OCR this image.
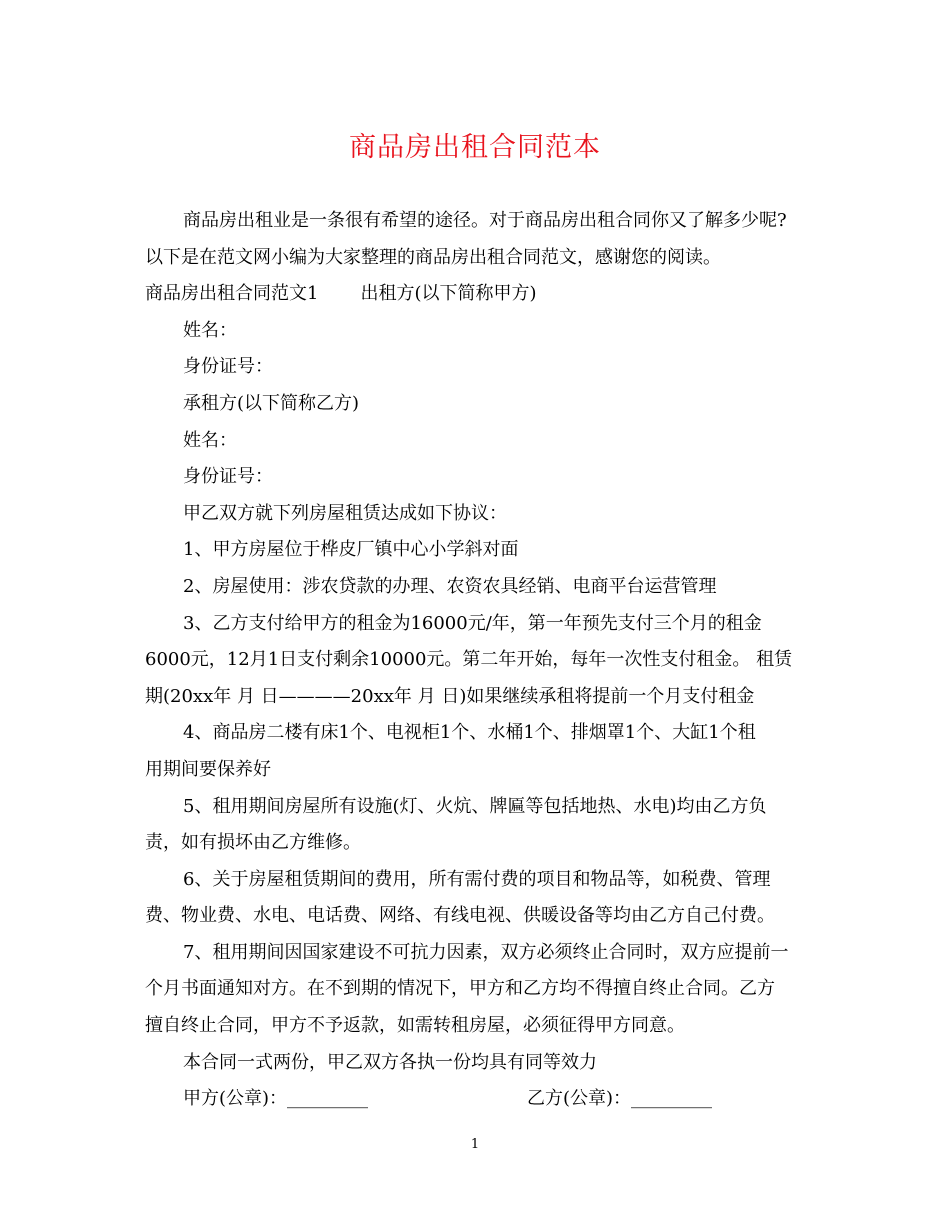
商品房出租合同范本

商品房出租业是一条很有希望的途径。对于商品房出租合同你又了解多少呢?

以下是在范文网小编为大家整理的商品房出租合同范文，感谢您的阅读。

商品房出租合同范文1 出租方(以下简称甲方)

姓名：

身份证号：

承租方(以下简称乙方)

姓名：

身份证号：

甲乙双方就下列房屋租赁达成如下协议：

1、甲方房屋位于桦皮厂镇中心小学斜对面

2、房屋使用：涉农贷款的办理、农资农具经销、电商平台运营管理

3、乙方支付给甲方的租金为16000元/年，第一年预先支付三个月的租金

6000元，12月1日支付剩余10000元。第二年开始，每年一次性支付租金。 租赁

期(20xx年 月 日————20xx年 月 日)如果继续承租将提前一个月支付租金

4、商品房二楼有床1个、电视柜1个、水桶1个、排烟罩1个、大缸1个租

用期间要保养好

5、租用期间房屋所有设施(灯、火炕、牌匾等包括地热、水电)均由乙方负

责，如有损坏由乙方维修。

6、关于房屋租赁期间的费用，所有需付费的项目和物品等，如税费、管理

费、物业费、水电、电话费、网络、有线电视、供暖设备等均由乙方自己付费。

7、租用期间因国家建设不可抗力因素，双方必须终止合同时，双方应提前一

个月书面通知对方。在不到期的情况下，甲方和乙方均不得擅自终止合同。乙方

擅自终止合同，甲方不予返款，如需转租房屋，必须征得甲方同意。

本合同一式两份，甲乙双方各执一份均具有同等效力

甲方(公章)：_________	乙方(公章)：_________

1
